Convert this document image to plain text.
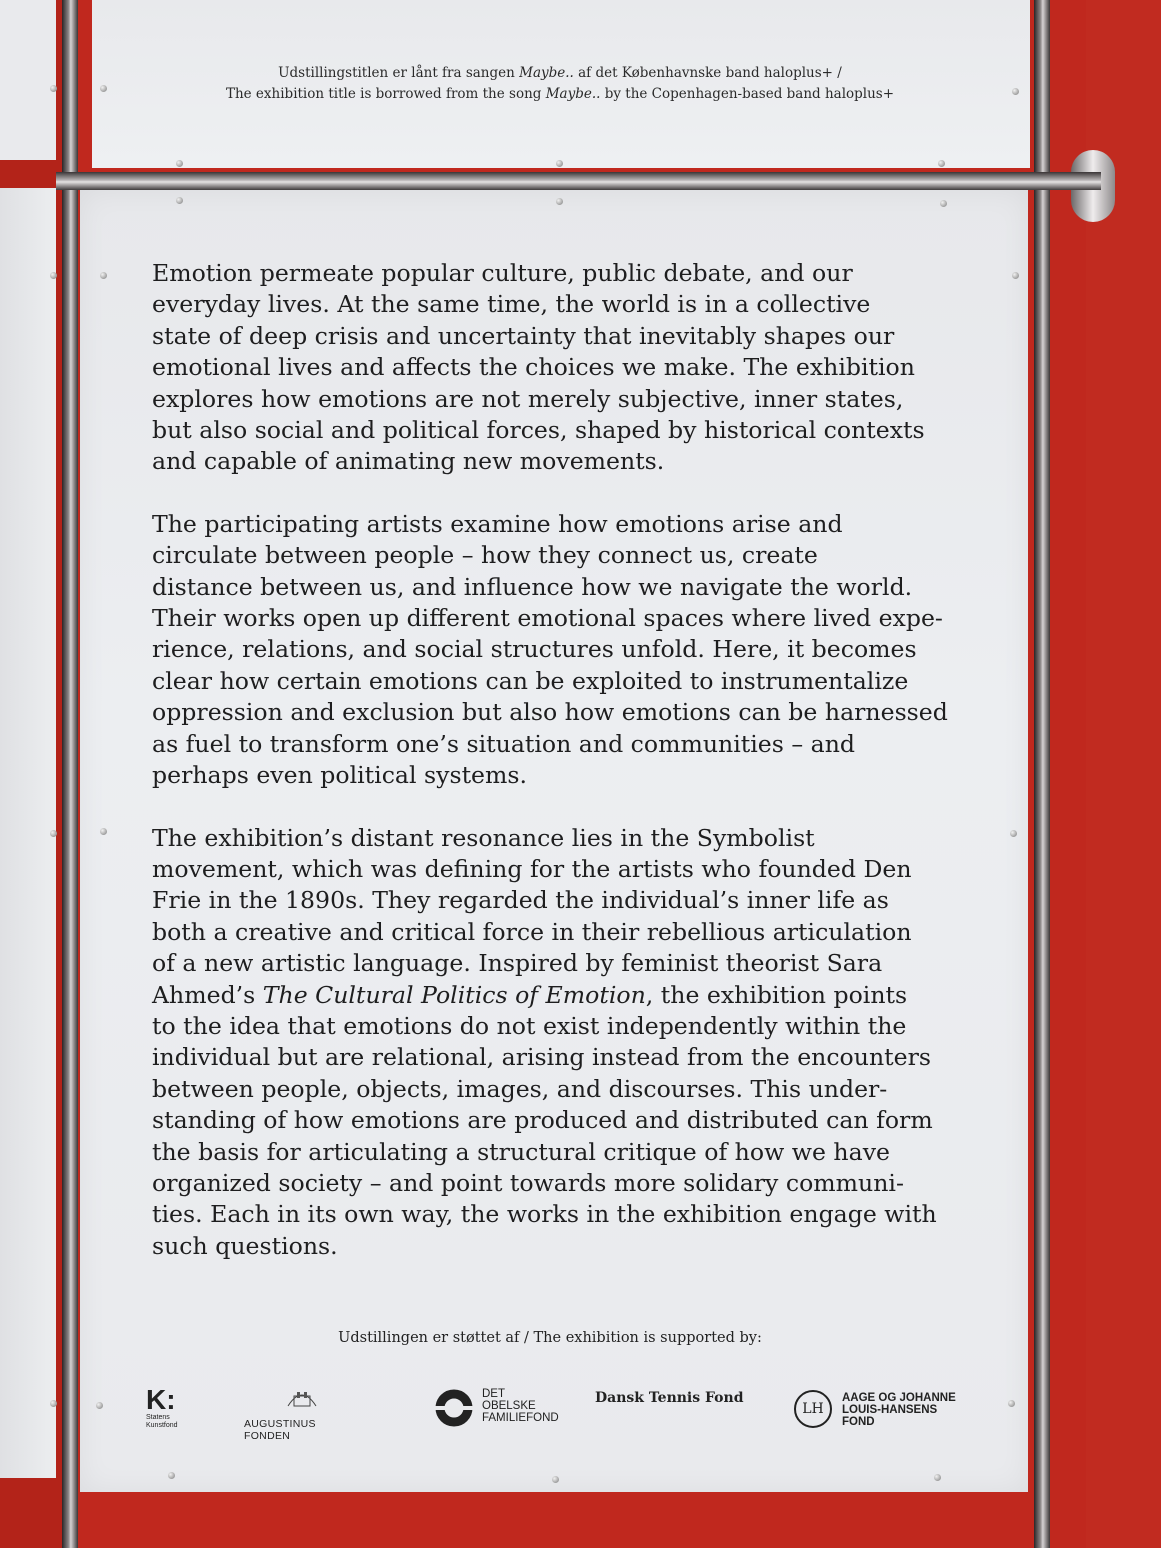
Udstillingstitlen er lånt fra sangen Maybe.. af det Københavnske band haloplus+ /
The exhibition title is borrowed from the song Maybe.. by the Copenhagen-based band haloplus+

Emotion permeate popular culture, public debate, and our
everyday lives. At the same time, the world is in a collective
state of deep crisis and uncertainty that inevitably shapes our
emotional lives and affects the choices we make. The exhibition
explores how emotions are not merely subjective, inner states,
but also social and political forces, shaped by historical contexts
and capable of animating new movements.

The participating artists examine how emotions arise and
circulate between people – how they connect us, create
distance between us, and influence how we navigate the world.
Their works open up different emotional spaces where lived expe-
rience, relations, and social structures unfold. Here, it becomes
clear how certain emotions can be exploited to instrumentalize
oppression and exclusion but also how emotions can be harnessed
as fuel to transform one’s situation and communities – and
perhaps even political systems.

The exhibition’s distant resonance lies in the Symbolist
movement, which was defining for the artists who founded Den
Frie in the 1890s. They regarded the individual’s inner life as
both a creative and critical force in their rebellious articulation
of a new artistic language. Inspired by feminist theorist Sara
Ahmed’s The Cultural Politics of Emotion, the exhibition points
to the idea that emotions do not exist independently within the
individual but are relational, arising instead from the encounters
between people, objects, images, and discourses. This under-
standing of how emotions are produced and distributed can form
the basis for articulating a structural critique of how we have
organized society – and point towards more solidary communi-
ties. Each in its own way, the works in the exhibition engage with
such questions.

Udstillingen er støttet af / The exhibition is supported by:
K:
Statens
Kunstfond	AUGUSTINUS FONDEN
DET
OBELSKE
FAMILIEFOND
Dansk Tennis Fond
LH
AAGE OG JOHANNE
LOUIS-HANSENS
FOND
